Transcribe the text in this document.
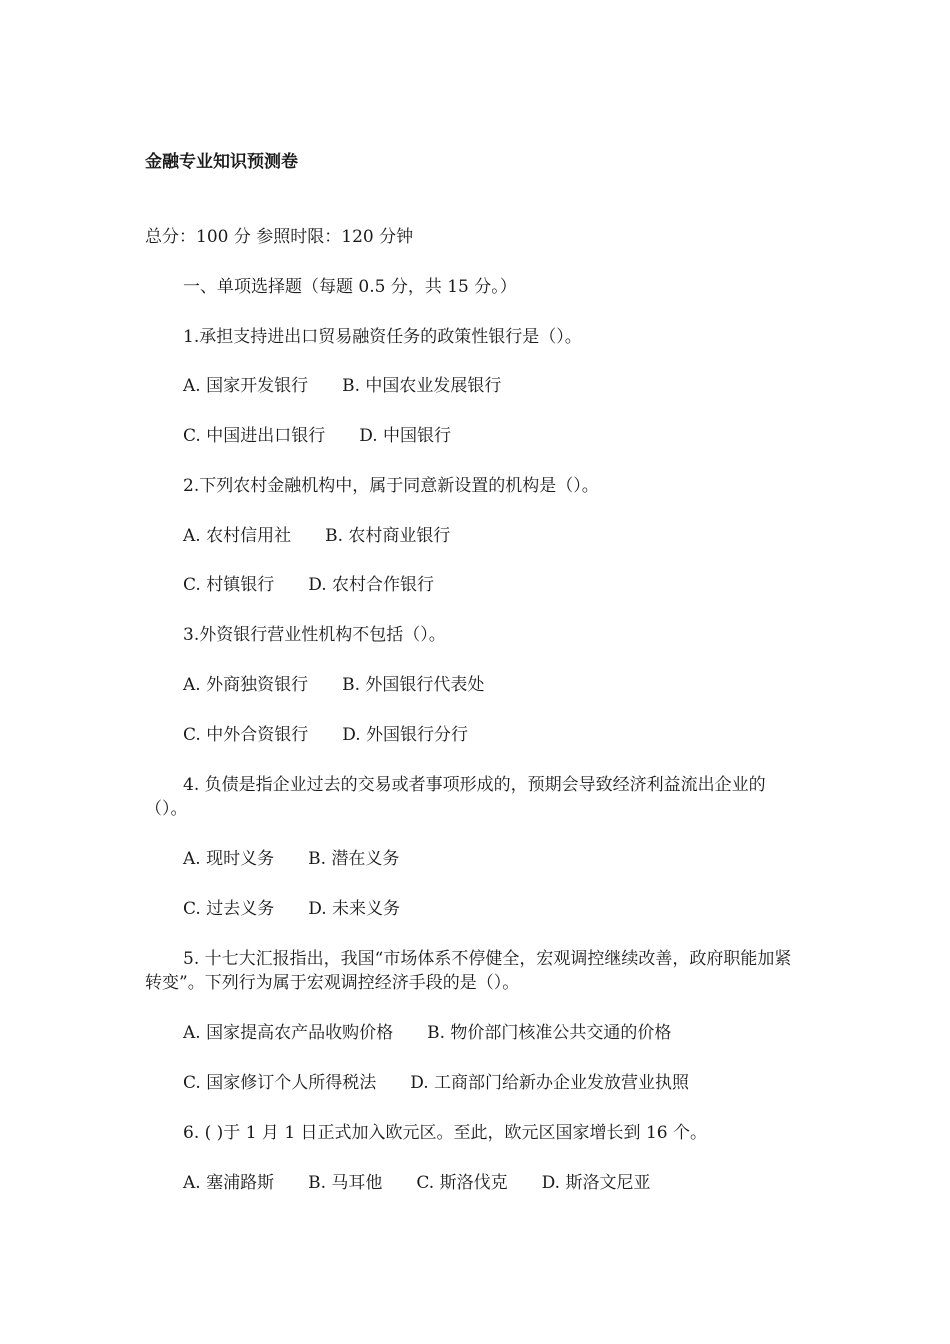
金融专业知识预测卷

总分：100 分 参照时限：120 分钟

一、单项选择题（每题 0.5 分，共 15 分。）

1.承担支持进出口贸易融资任务的政策性银行是（）。

A. 国家开发银行 B. 中国农业发展银行

C. 中国进出口银行 D. 中国银行

2.下列农村金融机构中，属于同意新设置的机构是（）。

A. 农村信用社 B. 农村商业银行

C. 村镇银行 D. 农村合作银行

3.外资银行营业性机构不包括（）。

A. 外商独资银行 B. 外国银行代表处

C. 中外合资银行 D. 外国银行分行

4. 负债是指企业过去的交易或者事项形成的，预期会导致经济利益流出企业的（）。

A. 现时义务 B. 潜在义务

C. 过去义务 D. 未来义务

5. 十七大汇报指出，我国“市场体系不停健全，宏观调控继续改善，政府职能加紧转变”。下列行为属于宏观调控经济手段的是（）。

A. 国家提高农产品收购价格 B. 物价部门核准公共交通的价格

C. 国家修订个人所得税法 D. 工商部门给新办企业发放营业执照

6. ( )于 1 月 1 日正式加入欧元区。至此，欧元区国家增长到 16 个。

A. 塞浦路斯 B. 马耳他 C. 斯洛伐克 D. 斯洛文尼亚
